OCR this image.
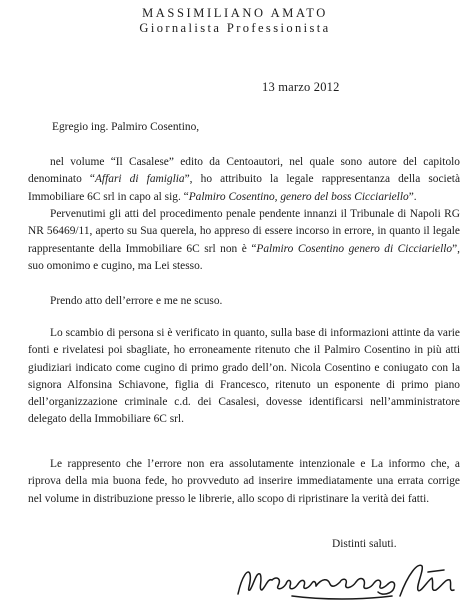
MASSIMILIANO AMATO
Giornalista Professionista
13 marzo 2012

Egregio ing. Palmiro Cosentino,

nel volume “Il Casalese” edito da Centoautori, nel quale sono autore del capitolo denominato “Affari di famiglia”, ho attribuito la legale rappresentanza della società Immobiliare 6C srl in capo al sig. “Palmiro Cosentino, genero del boss Cicciariello”.

Pervenutimi gli atti del procedimento penale pendente innanzi il Tribunale di Napoli RG NR 56469/11, aperto su Sua querela, ho appreso di essere incorso in errore, in quanto il legale rappresentante della Immobiliare 6C srl non è “Palmiro Cosentino genero di Cicciariello”, suo omonimo e cugino, ma Lei stesso.

Prendo atto dell’errore e me ne scuso.

Lo scambio di persona si è verificato in quanto, sulla base di informazioni attinte da varie fonti e rivelatesi poi sbagliate, ho erroneamente ritenuto che il Palmiro Cosentino in più atti giudiziari indicato come cugino di primo grado dell’on. Nicola Cosentino e coniugato con la signora Alfonsina Schiavone, figlia di Francesco, ritenuto un esponente di primo piano dell’organizzazione criminale c.d. dei Casalesi, dovesse identificarsi nell’amministratore delegato della Immobiliare 6C srl.

Le rappresento che l’errore non era assolutamente intenzionale e La informo che, a riprova della mia buona fede, ho provveduto ad inserire immediatamente una errata corrige nel volume in distribuzione presso le librerie, allo scopo di ripristinare la verità dei fatti.

Distinti saluti.
